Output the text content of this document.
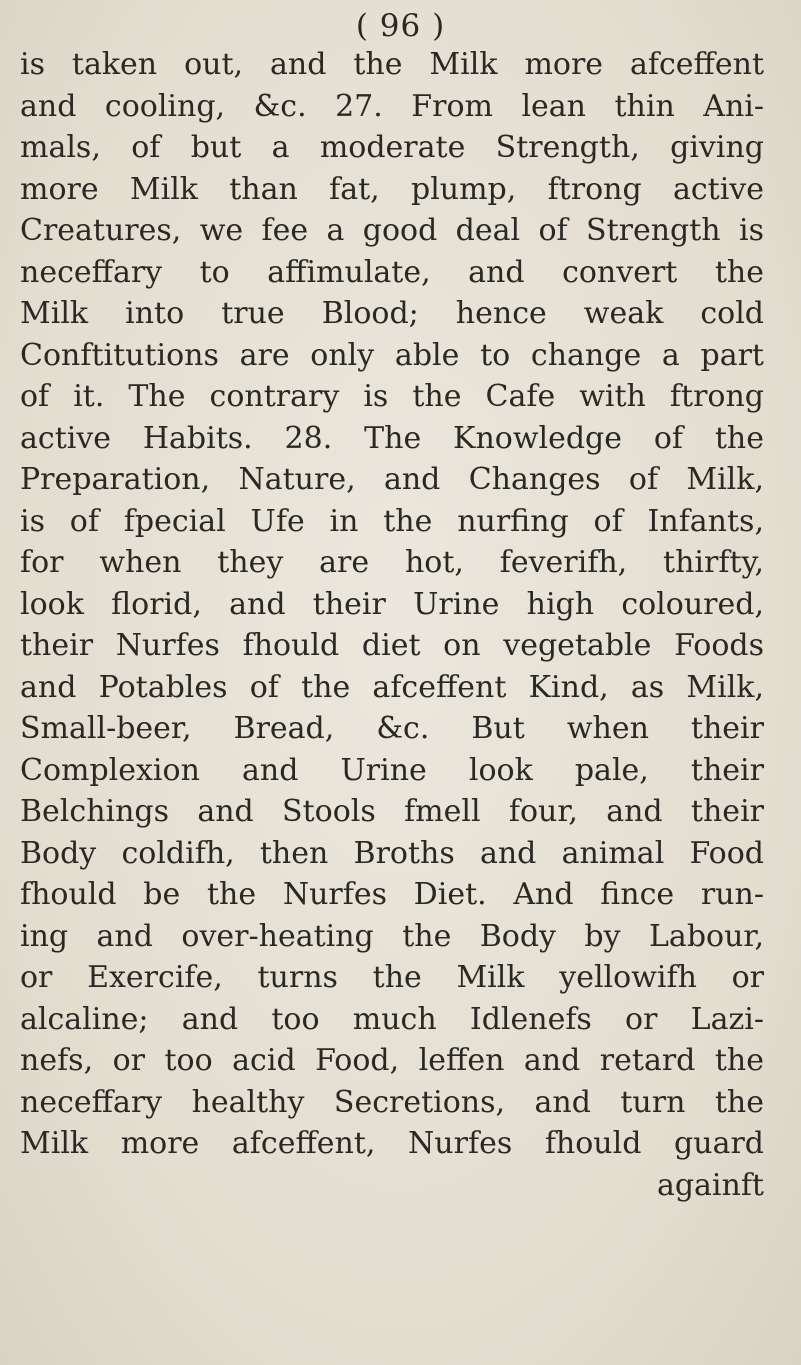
( 96 )
is taken out, and the Milk more afceffent
and cooling, &c. 27. From lean thin Ani-
mals, of but a moderate Strength, giving
more Milk than fat, plump, ftrong active
Creatures, we fee a good deal of Strength is
neceffary to affimulate, and convert the
Milk into true Blood; hence weak cold
Conftitutions are only able to change a part
of it. The contrary is the Cafe with ftrong
active Habits. 28. The Knowledge of the
Preparation, Nature, and Changes of Milk,
is of fpecial Ufe in the nurfing of Infants,
for when they are hot, feverifh, thirfty,
look florid, and their Urine high coloured,
their Nurfes fhould diet on vegetable Foods
and Potables of the afceffent Kind, as Milk,
Small-beer, Bread, &c. But when their
Complexion and Urine look pale, their
Belchings and Stools fmell four, and their
Body coldifh, then Broths and animal Food
fhould be the Nurfes Diet. And fince run-
ing and over-heating the Body by Labour,
or Exercife, turns the Milk yellowifh or
alcaline; and too much Idlenefs or Lazi-
nefs, or too acid Food, leffen and retard the
neceffary healthy Secretions, and turn the
Milk more afceffent, Nurfes fhould guard
againft
